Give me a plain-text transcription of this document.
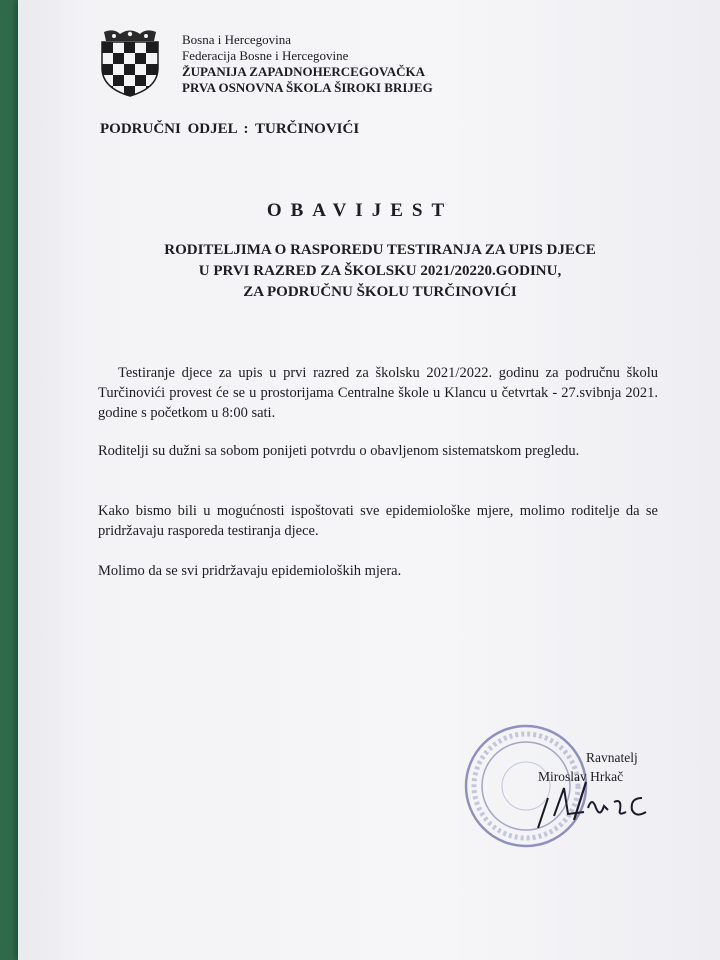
Bosna i Hercegovina
Federacija Bosne i Hercegovine
ŽUPANIJA ZAPADNOHERCEGOVAČKA
PRVA OSNOVNA ŠKOLA ŠIROKI BRIJEG
PODRUČNI ODJEL : TURČINOVIĆI
OBAVIJEST
RODITELJIMA O RASPOREDU TESTIRANJA ZA UPIS DJECE
U PRVI RAZRED ZA ŠKOLSKU 2021/20220.GODINU,
ZA PODRUČNU ŠKOLU TURČINOVIĆI

Testiranje djece za upis u prvi razred za školsku 2021/2022. godinu za područnu školu Turčinovići provest će se u prostorijama Centralne škole u Klancu u četvrtak - 27.svibnja 2021. godine s početkom u 8:00 sati.

Roditelji su dužni sa sobom ponijeti potvrdu o obavljenom sistematskom pregledu.

Kako bismo bili u mogućnosti ispoštovati sve epidemiološke mjere, molimo roditelje da se pridržavaju rasporeda testiranja djece.

Molimo da se svi pridržavaju epidemioloških mjera.

Ravnatelj
Miroslav Hrkač
